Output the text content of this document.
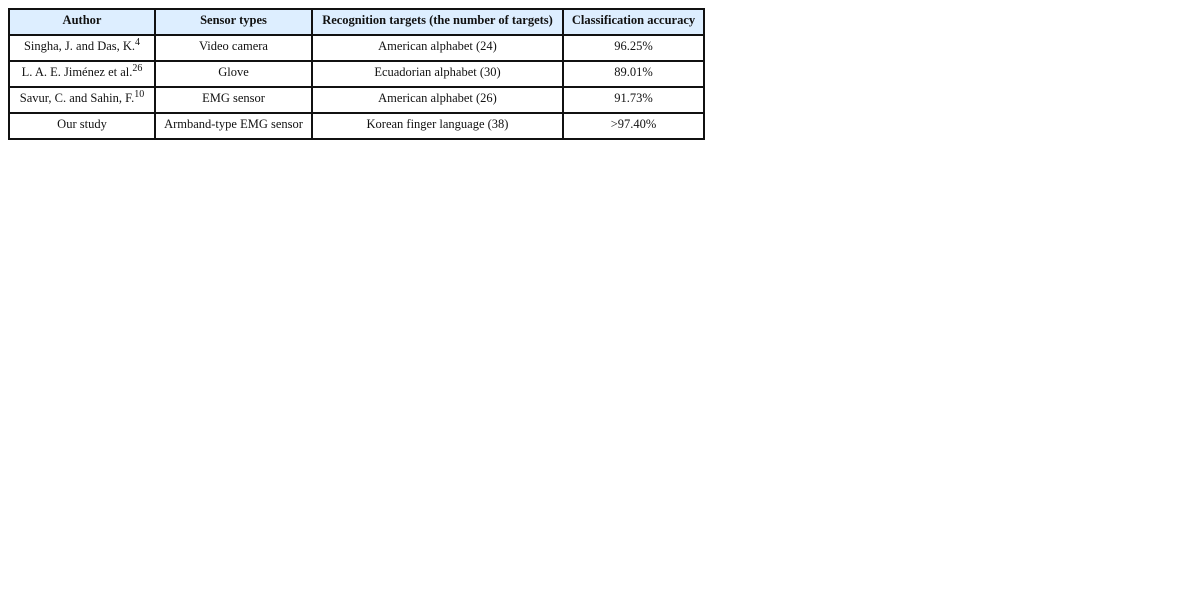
Author	Sensor types	Recognition targets (the number of targets)	Classification accuracy
Singha, J. and Das, K.$^4$	Video camera	American alphabet (24)	96.25%
L. A. E. Jiménez et al.$^{26}$	Glove	Ecuadorian alphabet (30)	89.01%
Savur, C. and Sahin, F.$^{10}$	EMG sensor	American alphabet (26)	91.73%
Our study	Armband-type EMG sensor	Korean finger language (38)	>97.40%
